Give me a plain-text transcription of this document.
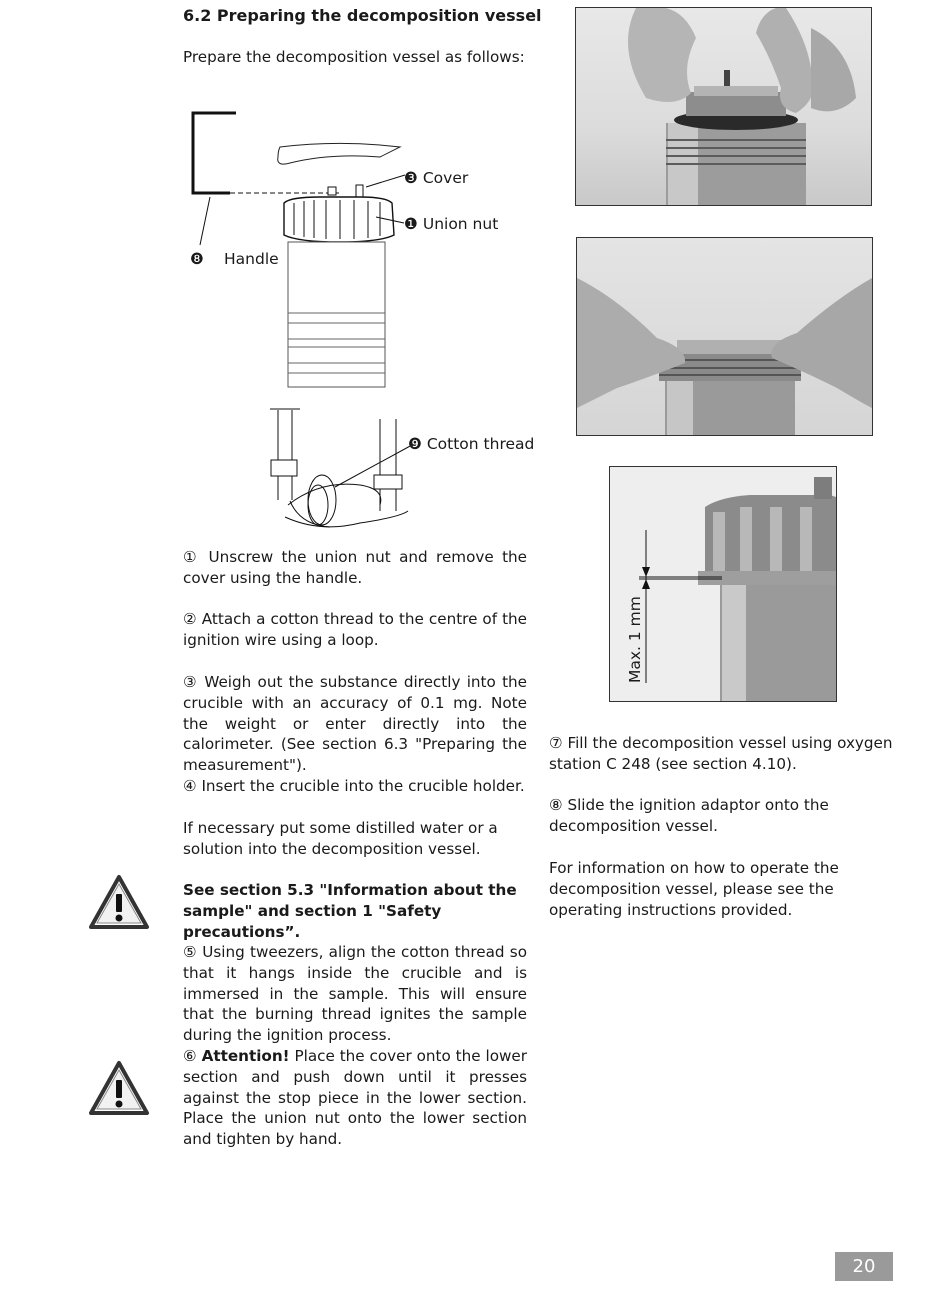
6.2 Preparing the decomposition vessel
Prepare the decomposition vessel as follows:
❸ Cover
❶ Union nut
❽ Handle
❾ Cotton thread
① Unscrew the union nut and remove the cover using the handle.
② Attach a cotton thread to the centre of the ignition wire using a loop.
③ Weigh out the substance directly into the crucible with an accuracy of 0.1 mg. Note the weight or enter directly into the calorimeter. (See section 6.3 "Preparing the measurement").
④ Insert the crucible into the crucible holder.
If necessary put some distilled water or a solution into the decomposition vessel.
See section 5.3 "Information about the sample" and section 1 "Safety precautions”.
⑤ Using tweezers, align the cotton thread so that it hangs inside the crucible and is immersed in the sample. This will ensure that the burning thread ignites the sample during the ignition process.
⑥ Attention! Place the cover onto the lower section and push down until it presses against the stop piece in the lower section. Place the union nut onto the lower section and tighten by hand.
Max. 1 mm
⑦ Fill the decomposition vessel using oxygen station C 248 (see section 4.10).
⑧ Slide the ignition adaptor onto the decomposition vessel.
For information on how to operate the decomposition vessel, please see the operating instructions provided.
20
